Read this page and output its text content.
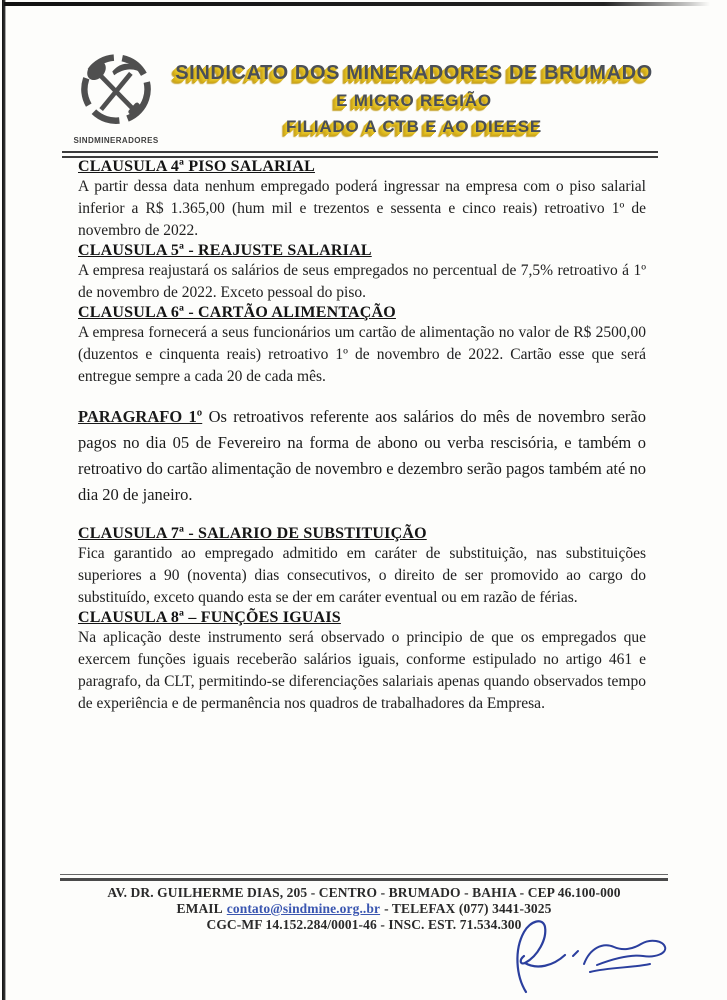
SINDMINERADORES
SINDICATO DOS MINERADORES DE BRUMADO
E MICRO REGIÃO
FILIADO A CTB E AO DIEESE
CLAUSULA 4ª PISO SALARIAL

A partir dessa data nenhum empregado poderá ingressar na empresa com o piso salarial inferior a R$ 1.365,00 (hum mil e trezentos e sessenta e cinco reais) retroativo 1º de novembro de 2022.

CLAUSULA 5ª - REAJUSTE SALARIAL

A empresa reajustará os salários de seus empregados no percentual de 7,5% retroativo á 1º de novembro de 2022. Exceto pessoal do piso.

CLAUSULA 6ª - CARTÃO ALIMENTAÇÃO

A empresa fornecerá a seus funcionários um cartão de alimentação no valor de R$ 2500,00 (duzentos e cinquenta reais) retroativo 1º de novembro de 2022. Cartão esse que será entregue sempre a cada 20 de cada mês.

PARAGRAFO 1º Os retroativos referente aos salários do mês de novembro serão pagos no dia 05 de Fevereiro na forma de abono ou verba rescisória, e também o retroativo do cartão alimentação de novembro e dezembro serão pagos também até no dia 20 de janeiro.

CLAUSULA 7ª - SALARIO DE SUBSTITUIÇÃO

Fica garantido ao empregado admitido em caráter de substituição, nas substituições superiores a 90 (noventa) dias consecutivos, o direito de ser promovido ao cargo do substituído, exceto quando esta se der em caráter eventual ou em razão de férias.

CLAUSULA 8ª – FUNÇÕES IGUAIS

Na aplicação deste instrumento será observado o principio de que os empregados que exercem funções iguais receberão salários iguais, conforme estipulado no artigo 461 e paragrafo, da CLT, permitindo-se diferenciações salariais apenas quando observados tempo de experiência e de permanência nos quadros de trabalhadores da Empresa.

AV. DR. GUILHERME DIAS, 205 - CENTRO - BRUMADO - BAHIA - CEP 46.100-000
EMAIL contato@sindmine.org..br - TELEFAX (077) 3441-3025
CGC-MF 14.152.284/0001-46 - INSC. EST. 71.534.300
